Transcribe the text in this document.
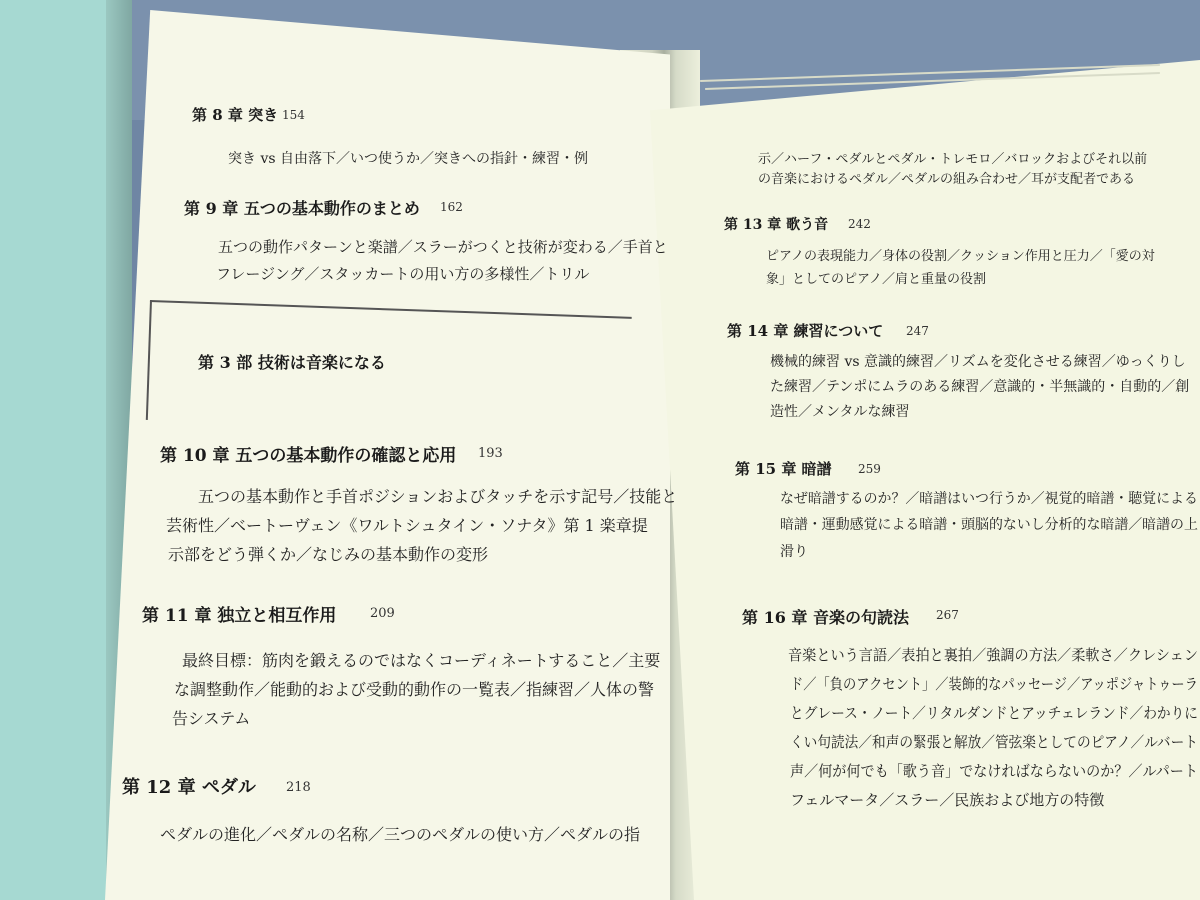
第 8 章 突き 154
突き vs 自由落下／いつ使うか／突きへの指針・練習・例
第 9 章 五つの基本動作のまとめ 162
五つの動作パターンと楽譜／スラーがつくと技術が変わる／手首と
フレージング／スタッカートの用い方の多様性／トリル
第 3 部 技術は音楽になる
第 10 章 五つの基本動作の確認と応用 193
五つの基本動作と手首ポジションおよびタッチを示す記号／技能と
芸術性／ベートーヴェン《ワルトシュタイン・ソナタ》第 1 楽章提
示部をどう弾くか／なじみの基本動作の変形
第 11 章 独立と相互作用	209
最終目標：筋肉を鍛えるのではなくコーディネートすること／主要
な調整動作／能動的および受動的動作の一覧表／指練習／人体の警
告システム
第 12 章 ペダル 218
ペダルの進化／ペダルの名称／三つのペダルの使い方／ペダルの指
示／ハーフ・ペダルとペダル・トレモロ／バロックおよびそれ以前
の音楽におけるペダル／ペダルの組み合わせ／耳が支配者である
第 13 章 歌う音 242
ピアノの表現能力／身体の役割／クッション作用と圧力／「愛の対
象」としてのピアノ／肩と重量の役割
第 14 章 練習について 247
機械的練習 vs 意識的練習／リズムを変化させる練習／ゆっくりし
た練習／テンポにムラのある練習／意識的・半無識的・自動的／創
造性／メンタルな練習
第 15 章 暗譜 259
なぜ暗譜するのか？／暗譜はいつ行うか／視覚的暗譜・聴覚による
暗譜・運動感覚による暗譜・頭脳的ないし分析的な暗譜／暗譜の上
滑り
第 16 章 音楽の句読法 267
音楽という言語／表拍と裏拍／強調の方法／柔軟さ／クレシェン
ド／「負のアクセント」／装飾的なパッセージ／アッポジャトゥーラ
とグレース・ノート／リタルダンドとアッチェレランド／わかりに
くい句読法／和声の緊張と解放／管弦楽としてのピアノ／ルバート
声／何が何でも「歌う音」でなければならないのか？／ルパート
フェルマータ／スラー／民族および地方の特徴
